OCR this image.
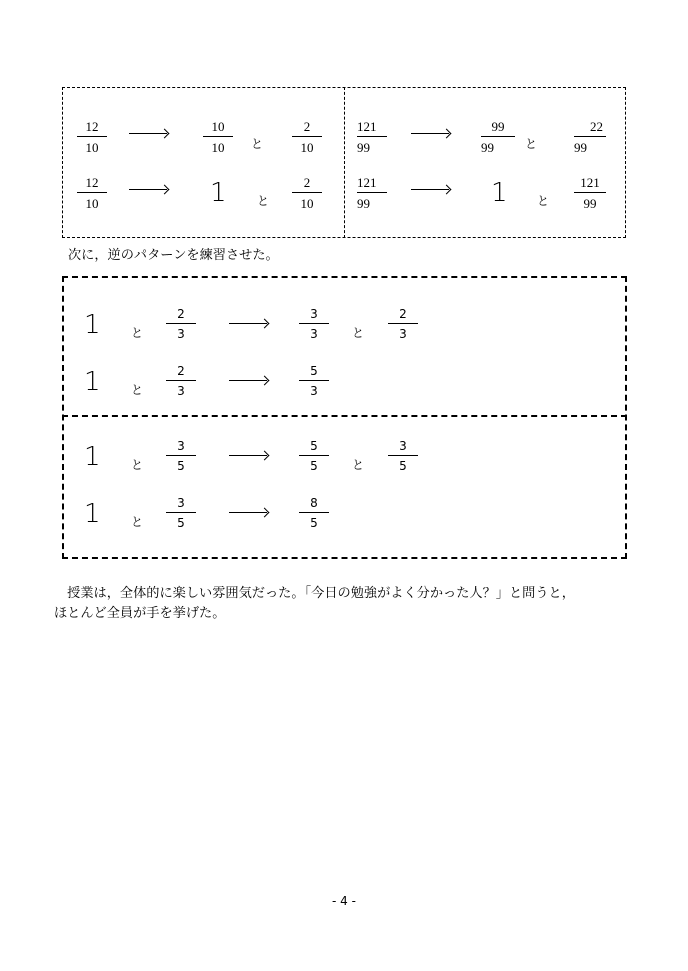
12
10
10
10	と
2
10
12
10	1	と
2
10
121
99
99
99	と
22
99
121
99	1 と
121
99
次に，逆のパターンを練習させた。
1	と
2
3
3
3	と
2
3
1	と
2
3
5
3
1	と
3
5
5
5	と
3
5
1	と
3
5
8
5
　授業は，全体的に楽しい雰囲気だった。「今日の勉強がよく分かった人？」と問うと，
ほとんど全員が手を挙げた。
- 4 -
